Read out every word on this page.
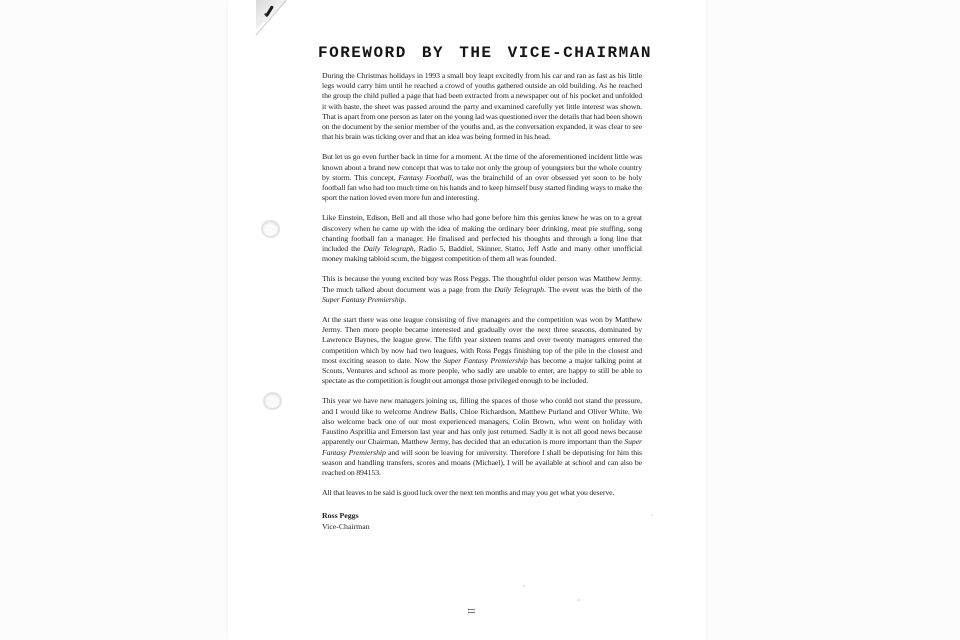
FOREWORD BY THE VICE-CHAIRMAN

During the Christmas holidays in 1993 a small boy leapt excitedly from his car and ran as fast as his little legs would carry him until he reached a crowd of youths gathered outside an old building. As he reached the group the child pulled a page that had been extracted from a newspaper out of his pocket and unfolded it with haste, the sheet was passed around the party and examined carefully yet little interest was shown. That is apart from one person as later on the young lad was questioned over the details that had been shown on the document by the senior member of the youths and, as the conversation expanded, it was clear to see that his brain was ticking over and that an idea was being formed in his head.

But let us go even further back in time for a moment. At the time of the aforementioned incident little was known about a brand new concept that was to take not only the group of youngsters but the whole country by storm. This concept, Fantasy Football, was the brainchild of an over obsessed yet soon to be holy football fan who had too much time on his hands and to keep himself busy started finding ways to make the sport the nation loved even more fun and interesting.

Like Einstein, Edison, Bell and all those who had gone before him this genius knew he was on to a great discovery when he came up with the idea of making the ordinary beer drinking, meat pie stuffing, song chanting football fan a manager. He finalised and perfected his thoughts and through a long line that included the Daily Telegraph, Radio 5, Baddiel, Skinner, Statto, Jeff Astle and many other unofficial money making tabloid scum, the biggest competition of them all was founded.

This is because the young excited boy was Ross Peggs. The thoughtful older person was Matthew Jermy. The much talked about document was a page from the Daily Telegraph. The event was the birth of the Super Fantasy Premiership.

At the start there was one league consisting of five managers and the competition was won by Matthew Jermy. Then more people became interested and gradually over the next three seasons, dominated by Lawrence Baynes, the league grew. The fifth year sixteen teams and over twenty managers entered the competition which by now had two leagues, with Ross Peggs finishing top of the pile in the closest and most exciting season to date. Now the Super Fantasy Premiership has become a major talking point at Scouts, Ventures and school as more people, who sadly are unable to enter, are happy to still be able to spectate as the competition is fought out amongst those privileged enough to be included.

This year we have new managers joining us, filling the spaces of those who could not stand the pressure, and I would like to welcome Andrew Balls, Chloe Richardson, Matthew Purland and Oliver White. We also welcome back one of our most experienced managers, Colin Brown, who went on holiday with Faustino Asprillia and Emerson last year and has only just returned. Sadly it is not all good news because apparently our Chairman, Matthew Jermy, has decided that an education is more important than the Super Fantasy Premiership and will soon be leaving for university. Therefore I shall be deputising for him this season and handling transfers, scores and moans (Michael), I will be available at school and can also be reached on 894153.

All that leaves to be said is good luck over the next ten months and may you get what you deserve.

Ross Peggs
Vice-Chairman
II
